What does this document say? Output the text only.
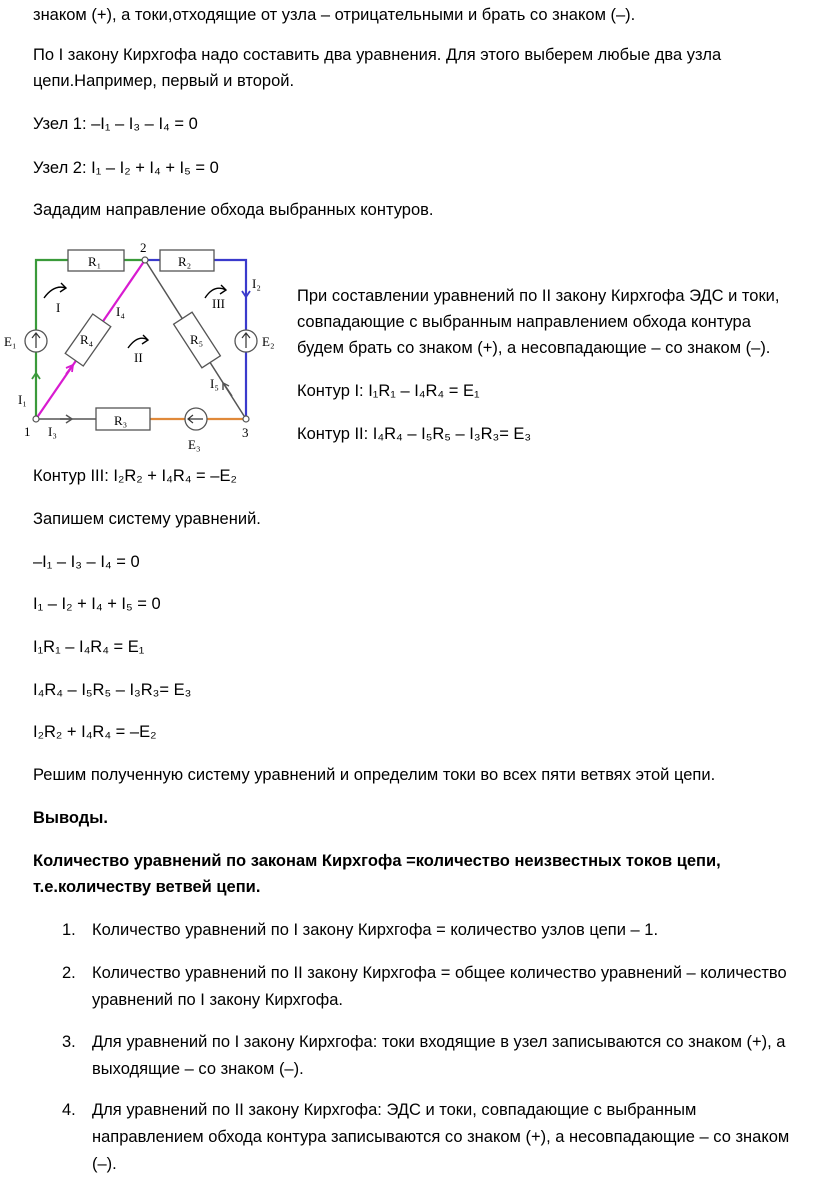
знаком (+), а токи,отходящие от узла – отрицательными и брать со знаком (–).
По I закону Кирхгофа надо составить два уравнения. Для этого выберем любые два узла
цепи.Например, первый и второй.
Узел 1: –I₁ – I₃ – I₄ = 0
Узел 2: I₁ – I₂ + I₄ + I₅ = 0
Зададим направление обхода выбранных контуров.
При составлении уравнений по II закону Кирхгофа ЭДС и токи,
совпадающие с выбранным направлением обхода контура
будем брать со знаком (+), а несовпадающие – со знаком (–).
Контур I: I₁R₁ – I₄R₄ = E₁
Контур II: I₄R₄ – I₅R₅ – I₃R₃= E₃
R₁	R₂
R₃
R₄	R₅
E₁	E₂
E₃
I₁
I₂
I₃
I₄
I₅
1
2
3
I
II
III
Контур III: I₂R₂ + I₄R₄ = –E₂
Запишем систему уравнений.
–I₁ – I₃ – I₄ = 0
I₁ – I₂ + I₄ + I₅ = 0
I₁R₁ – I₄R₄ = E₁
I₄R₄ – I₅R₅ – I₃R₃= E₃
I₂R₂ + I₄R₄ = –E₂
Решим полученную систему уравнений и определим токи во всех пяти ветвях этой цепи.
Выводы.
Количество уравнений по законам Кирхгофа =количество неизвестных токов цепи,
т.е.количеству ветвей цепи.
1. Количество уравнений по I закону Кирхгофа = количество узлов цепи – 1.
2. Количество уравнений по II закону Кирхгофа = общее количество уравнений – количество уравнений по I закону Кирхгофа.
3. Для уравнений по I закону Кирхгофа: токи входящие в узел записываются со знаком (+), а выходящие – со знаком (–).
4. Для уравнений по II закону Кирхгофа: ЭДС и токи, совпадающие с выбранным направлением обхода контура записываются со знаком (+), а несовпадающие – со знаком (–).
